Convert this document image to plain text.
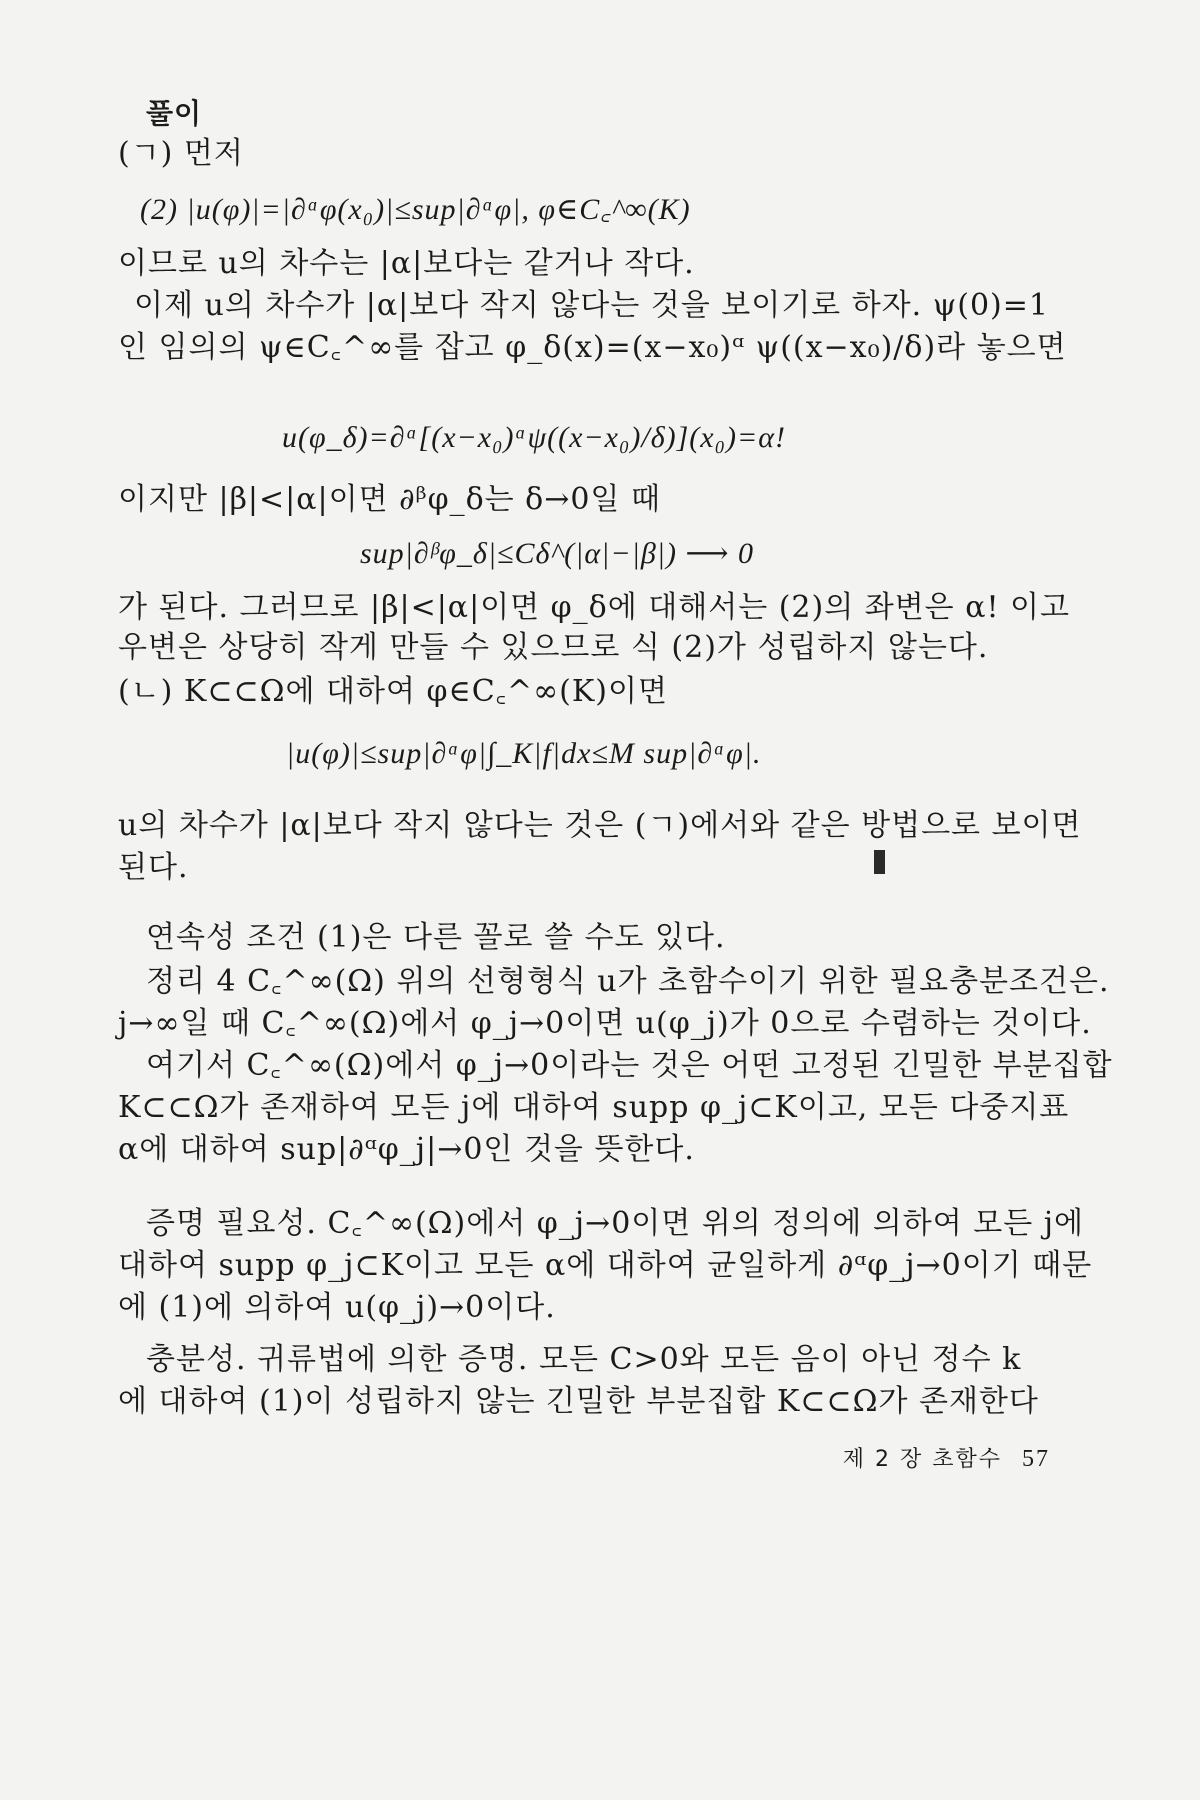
풀이
(ㄱ) 먼저
(2) |u(φ)|=|∂ᵅφ(x₀)|≤sup|∂ᵅφ|, φ∈C꜀^∞(K)
이므로 u의 차수는 |α|보다는 같거나 작다.
이제 u의 차수가 |α|보다 작지 않다는 것을 보이기로 하자. ψ(0)=1
인 임의의 ψ∈C꜀^∞를 잡고 φ_δ(x)=(x−x₀)ᵅ ψ((x−x₀)/δ)라 놓으면
u(φ_δ)=∂ᵅ[(x−x₀)ᵅψ((x−x₀)/δ)](x₀)=α!
이지만 |β|<|α|이면 ∂ᵝφ_δ는 δ→0일 때
sup|∂ᵝφ_δ|≤Cδ^(|α|−|β|) ⟶ 0
가 된다. 그러므로 |β|<|α|이면 φ_δ에 대해서는 (2)의 좌변은 α! 이고
우변은 상당히 작게 만들 수 있으므로 식 (2)가 성립하지 않는다.
(ㄴ) K⊂⊂Ω에 대하여 φ∈C꜀^∞(K)이면
|u(φ)|≤sup|∂ᵅφ|∫_K|f|dx≤M sup|∂ᵅφ|.
u의 차수가 |α|보다 작지 않다는 것은 (ㄱ)에서와 같은 방법으로 보이면
된다.
연속성 조건 (1)은 다른 꼴로 쓸 수도 있다.
정리 4 C꜀^∞(Ω) 위의 선형형식 u가 초함수이기 위한 필요충분조건은.
j→∞일 때 C꜀^∞(Ω)에서 φ_j→0이면 u(φ_j)가 0으로 수렴하는 것이다.
여기서 C꜀^∞(Ω)에서 φ_j→0이라는 것은 어떤 고정된 긴밀한 부분집합
K⊂⊂Ω가 존재하여 모든 j에 대하여 supp φ_j⊂K이고, 모든 다중지표
α에 대하여 sup|∂ᵅφ_j|→0인 것을 뜻한다.
증명 필요성. C꜀^∞(Ω)에서 φ_j→0이면 위의 정의에 의하여 모든 j에
대하여 supp φ_j⊂K이고 모든 α에 대하여 균일하게 ∂ᵅφ_j→0이기 때문
에 (1)에 의하여 u(φ_j)→0이다.
충분성. 귀류법에 의한 증명. 모든 C>0와 모든 음이 아닌 정수 k
에 대하여 (1)이 성립하지 않는 긴밀한 부분집합 K⊂⊂Ω가 존재한다
제 2 장 초함수 57
